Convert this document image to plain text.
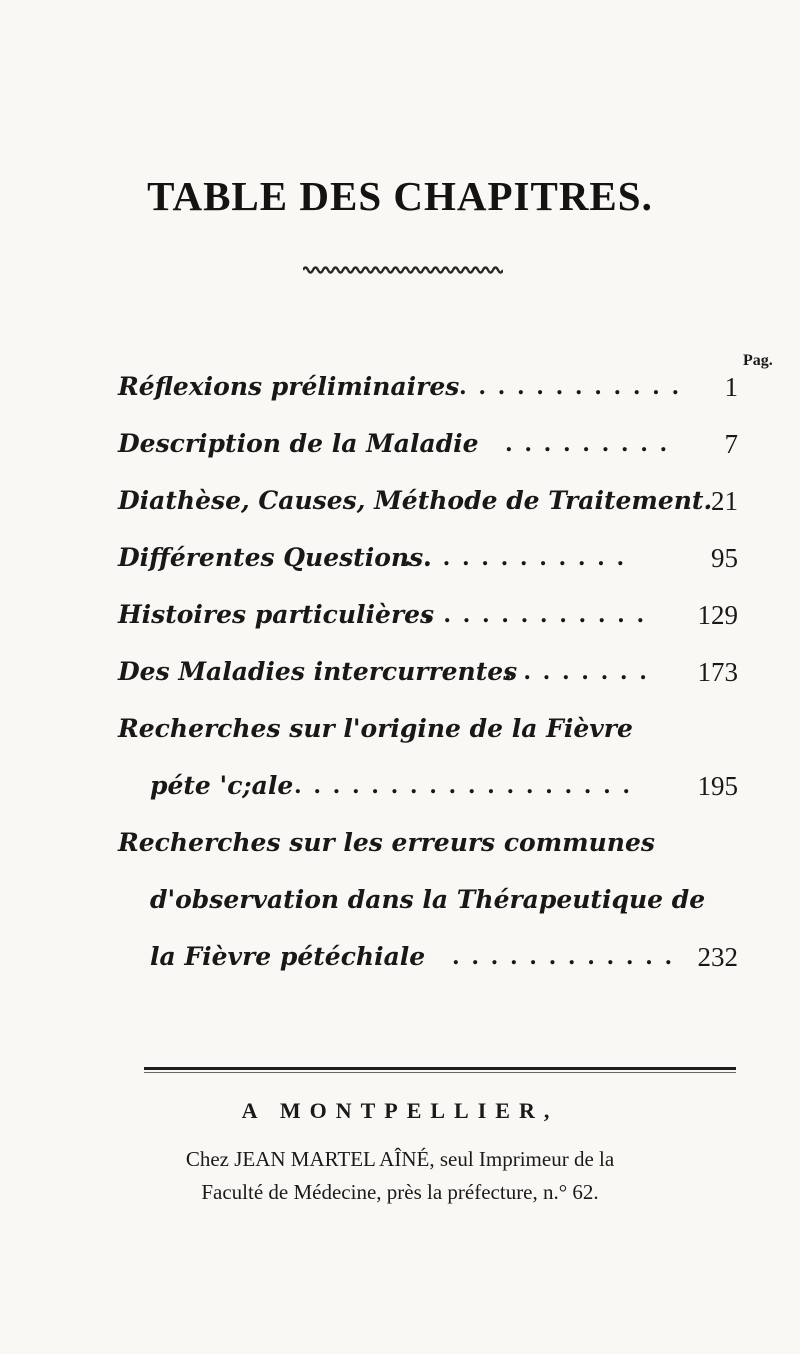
TABLE DES CHAPITRES.
Pag.
Réflexions préliminaires . . . . . . . . . . . . 1
Description de la Maladie . . . . . . . . . 7
Diathèse, Causes, Méthode de Traitement.
21
Différentes Questions.
. . . . . . . . . . . .	95
Histoires particulières
. . . . . . . . . . . . 129
Des Maladies intercurrentes
. . . . . . . . 173
Recherches sur l'origine de la Fièvre
péte 'c;ale . . . . . . . . . . . . . . . . . . 195
Recherches sur les erreurs communes
d'observation dans la Thérapeutique de
la Fièvre pétéchiale . . . . . . . . . . . . 232
A MONTPELLIER,
Chez JEAN MARTEL AÎNÉ, seul Imprimeur de la
Faculté de Médecine, près la préfecture, n.° 62.
